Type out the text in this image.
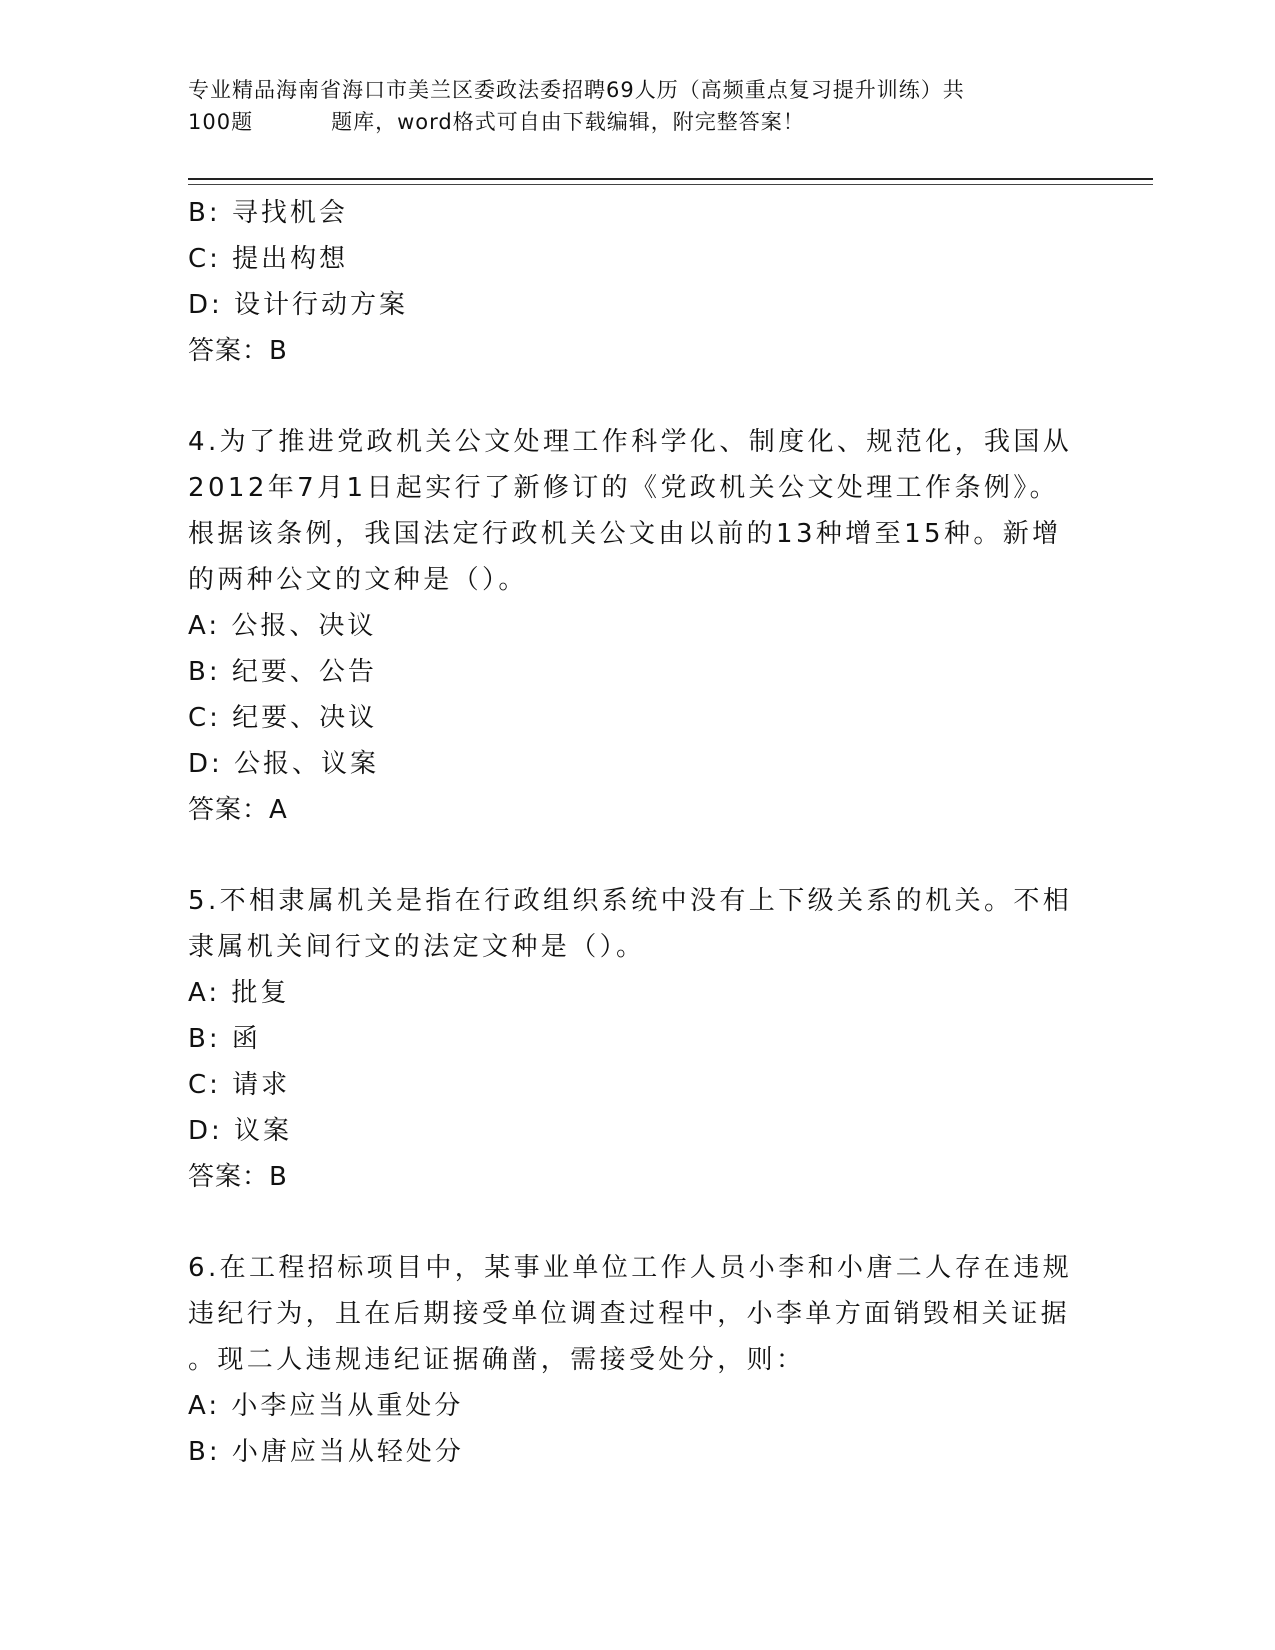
专业精品海南省海口市美兰区委政法委招聘69人历（高频重点复习提升训练）共
100题	题库，word格式可自由下载编辑，附完整答案！
B: 寻找机会
C: 提出构想
D: 设计行动方案
答案：B
4.为了推进党政机关公文处理工作科学化、制度化、规范化，我国从
2012年7月1日起实行了新修订的《党政机关公文处理工作条例》。
根据该条例，我国法定行政机关公文由以前的13种增至15种。新增
的两种公文的文种是（）。
A: 公报、决议
B: 纪要、公告
C: 纪要、决议
D: 公报、议案
答案：A
5.不相隶属机关是指在行政组织系统中没有上下级关系的机关。不相
隶属机关间行文的法定文种是（）。
A: 批复
B: 函
C: 请求
D: 议案
答案：B
6.在工程招标项目中，某事业单位工作人员小李和小唐二人存在违规
违纪行为，且在后期接受单位调查过程中，小李单方面销毁相关证据
。现二人违规违纪证据确凿，需接受处分，则：
A: 小李应当从重处分
B: 小唐应当从轻处分
